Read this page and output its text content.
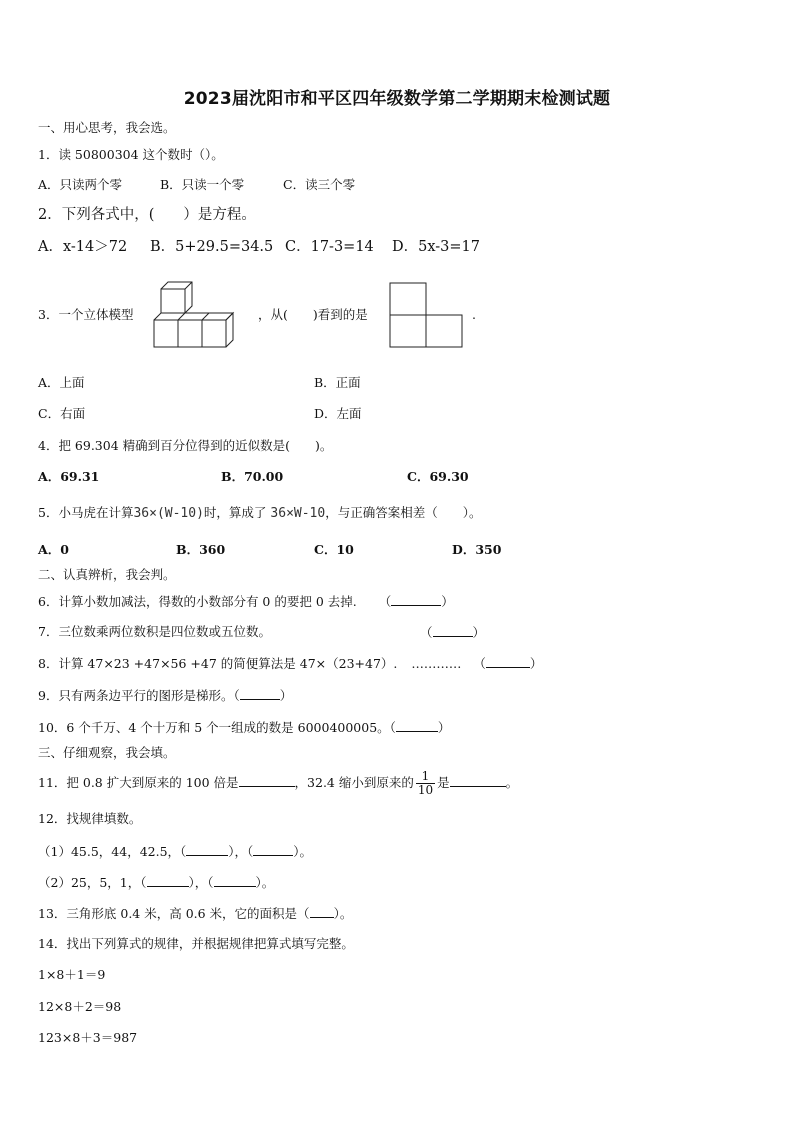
2023届沈阳市和平区四年级数学第二学期期末检测试题
一、用心思考，我会选。
1．读 50800304 这个数时（）。
A．只读两个零	B．只读一个零	C．读三个零
2．下列各式中，(　　）是方程。
A．x-14＞72 B．5+29.5=34.5 C．17-3=14 D．5x-3=17
3．一个立体模型	，从(　　)看到的是	.
A．上面	B．正面
C．右面	D．左面
4．把 69.304 精确到百分位得到的近似数是(　　)。
A．69.31	B．70.00	C．69.30
5．小马虎在计算36×(W-10)时，算成了 36×W-10，与正确答案相差（　　）。
A．0	B．360	C．10	D．350
二、认真辨析，我会判。
6．计算小数加减法，得数的小数部分有 0 的要把 0 去掉. （	）
7．三位数乘两位数积是四位数或五位数。	（	）
8．计算 47×23 +47×56 +47 的简便算法是 47×（23+47）. ………… （	）
9．只有两条边平行的图形是梯形。（	）
10．6 个千万、4 个十万和 5 个一组成的数是 6000400005。（	）
三、仔细观察，我会填。
11．把 0.8 扩大到原来的 100 倍是	，32.4 缩小到原来的 $\frac{1}{10}$ 是	。
12．找规律填数。
（1）45.5，44，42.5，（	），（	）。
（2）25，5，1，（	），（	）。
13．三角形底 0.4 米，高 0.6 米，它的面积是（ ）。
14．找出下列算式的规律，并根据规律把算式填写完整。
1×8＋1＝9
12×8＋2＝98
123×8＋3＝987
